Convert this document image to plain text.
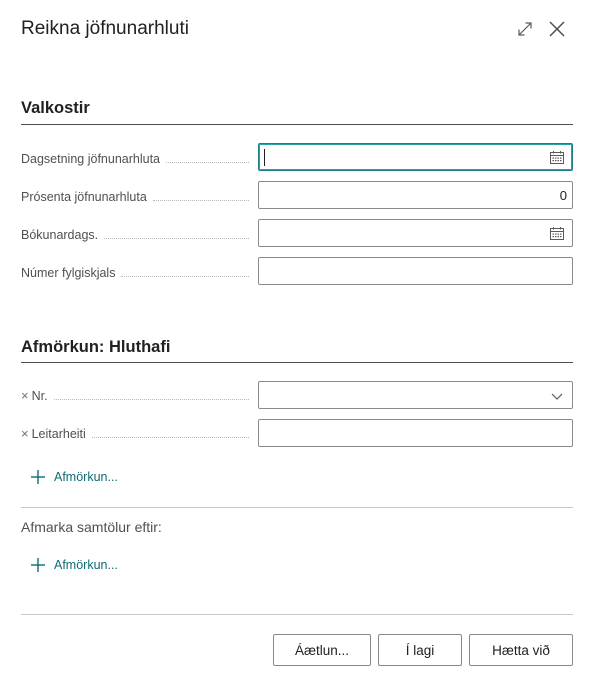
Reikna jöfnunarhluti
Valkostir
Dagsetning jöfnunarhluta
Prósenta jöfnunarhluta	0
Bókunardags.
Númer fylgiskjals
Afmörkun: Hluthafi
× Nr.
× Leitarheiti
Afmörkun...
Afmarka samtölur eftir:
Afmörkun...
Áætlun...	Í lagi	Hætta við
